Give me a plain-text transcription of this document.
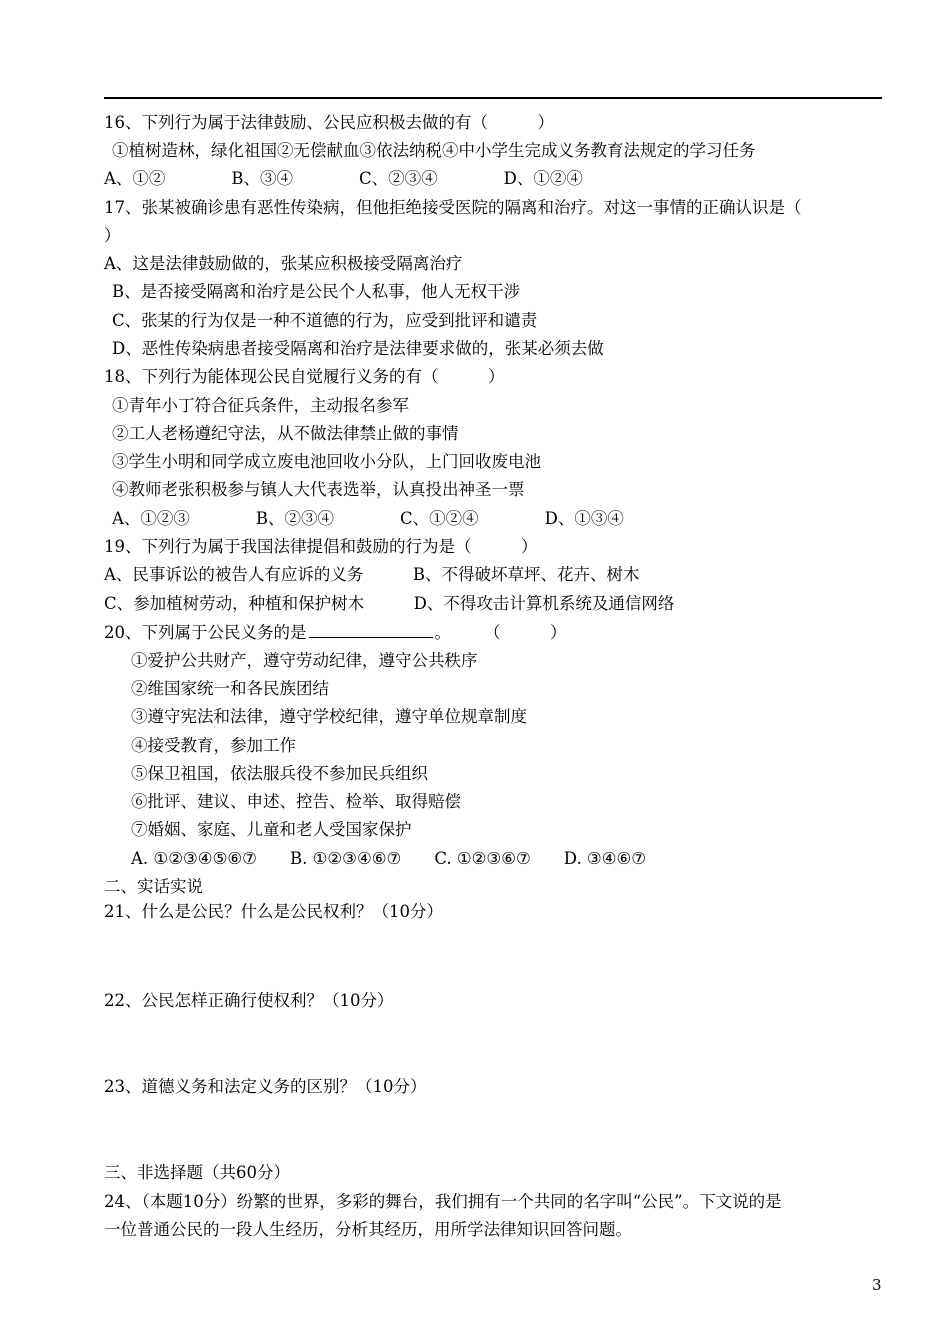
16、下列行为属于法律鼓励、公民应积极去做的有（　　　）
①植树造林，绿化祖国②无偿献血③依法纳税④中小学生完成义务教育法规定的学习任务
A、①②　　　　B、③④　　　　C、②③④　　　　D、①②④
17、张某被确诊患有恶性传染病，但他拒绝接受医院的隔离和治疗。对这一事情的正确认识是（
）
A、这是法律鼓励做的，张某应积极接受隔离治疗
B、是否接受隔离和治疗是公民个人私事，他人无权干涉
C、张某的行为仅是一种不道德的行为，应受到批评和谴责
D、恶性传染病患者接受隔离和治疗是法律要求做的，张某必须去做
18、下列行为能体现公民自觉履行义务的有（　　　）
①青年小丁符合征兵条件，主动报名参军
②工人老杨遵纪守法，从不做法律禁止做的事情
③学生小明和同学成立废电池回收小分队，上门回收废电池
④教师老张积极参与镇人大代表选举，认真投出神圣一票
A、①②③　　　　B、②③④　　　　C、①②④　　　　D、①③④
19、下列行为属于我国法律提倡和鼓励的行为是（　　　）
A、民事诉讼的被告人有应诉的义务　　　B、不得破坏草坪、花卉、树木
C、参加植树劳动，种植和保护树木　　　D、不得攻击计算机系统及通信网络
20、下列属于公民义务的是	。　　　（　　　）
①爱护公共财产，遵守劳动纪律，遵守公共秩序
②维国家统一和各民族团结
③遵守宪法和法律，遵守学校纪律，遵守单位规章制度
④接受教育，参加工作
⑤保卫祖国，依法服兵役不参加民兵组织
⑥批评、建议、申述、控告、检举、取得赔偿
⑦婚姻、家庭、儿童和老人受国家保护
A. ①②③④⑤⑥⑦　　B. ①②③④⑥⑦　　C. ①②③⑥⑦　　D. ③④⑥⑦
二、实话实说
21、什么是公民？什么是公民权利？（10分）
22、公民怎样正确行使权利？（10分）
23、道德义务和法定义务的区别？（10分）
三、非选择题（共60分）
24、（本题10分）纷繁的世界，多彩的舞台，我们拥有一个共同的名字叫“公民”。下文说的是
一位普通公民的一段人生经历，分析其经历，用所学法律知识回答问题。
3
